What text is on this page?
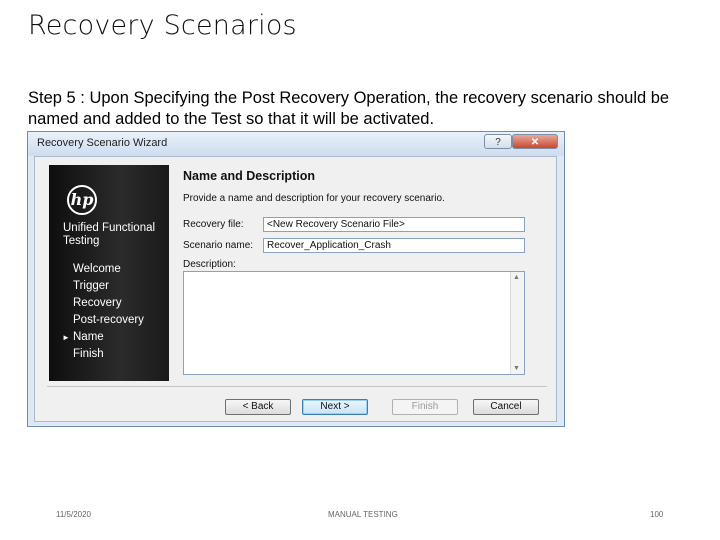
Recovery Scenarios
Step 5 : Upon Specifying the Post Recovery Operation, the recovery scenario should be named and added to the Test so that it will be activated.
Recovery Scenario Wizard	?	✕
hp
Unified Functional Testing
Welcome
Trigger
Recovery
Post-recovery
► Name
Finish
Name and Description
Provide a name and description for your recovery scenario.
Recovery file:	<New Recovery Scenario File>
Scenario name:	Recover_Application_Crash
Description:
▲
▼
< Back	Next >	Finish	Cancel
11/5/2020	MANUAL TESTING	100
